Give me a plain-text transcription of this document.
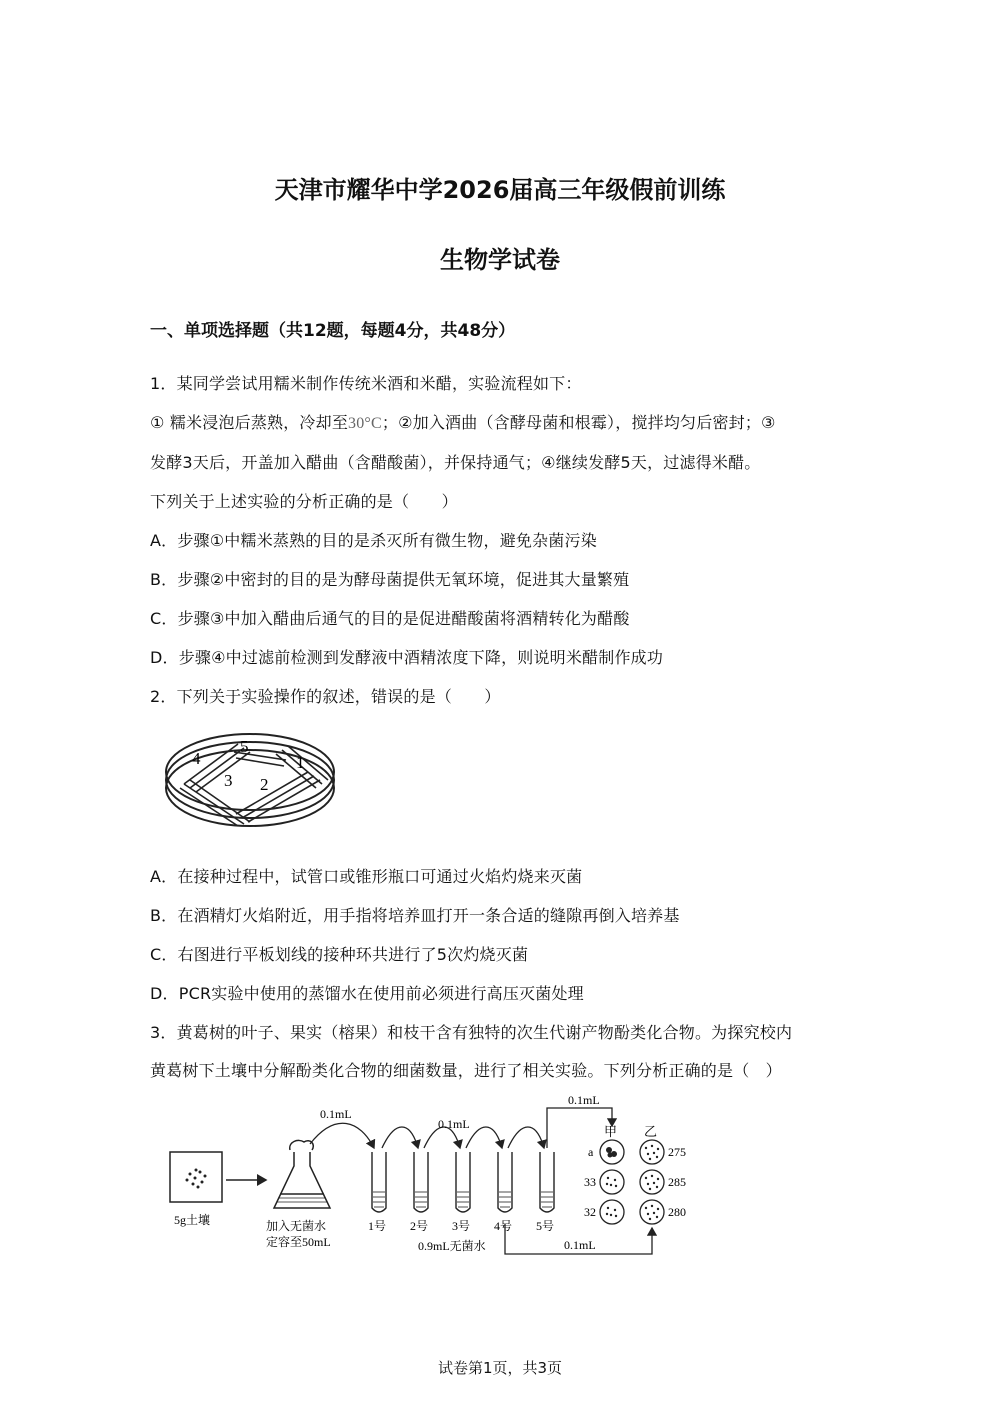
天津市耀华中学2026届高三年级假前训练
生物学试卷
一、单项选择题（共12题，每题4分，共48分）
1．某同学尝试用糯米制作传统米酒和米醋，实验流程如下：
① 糯米浸泡后蒸熟，冷却至30°C；②加入酒曲（含酵母菌和根霉），搅拌均匀后密封；③
发酵3天后，开盖加入醋曲（含醋酸菌），并保持通气；④继续发酵5天，过滤得米醋。
下列关于上述实验的分析正确的是（　　）
A．步骤①中糯米蒸熟的目的是杀灭所有微生物，避免杂菌污染
B．步骤②中密封的目的是为酵母菌提供无氧环境，促进其大量繁殖
C．步骤③中加入醋曲后通气的目的是促进醋酸菌将酒精转化为醋酸
D．步骤④中过滤前检测到发酵液中酒精浓度下降，则说明米醋制作成功
2．下列关于实验操作的叙述，错误的是（　　）
4
5
1
3 2
A．在接种过程中，试管口或锥形瓶口可通过火焰灼烧来灭菌
B．在酒精灯火焰附近，用手指将培养皿打开一条合适的缝隙再倒入培养基
C．右图进行平板划线的接种环共进行了5次灼烧灭菌
D．PCR实验中使用的蒸馏水在使用前必须进行高压灭菌处理
3．黄葛树的叶子、果实（榕果）和枝干含有独特的次生代谢产物酚类化合物。为探究校内
黄葛树下土壤中分解酚类化合物的细菌数量，进行了相关实验。下列分析正确的是（　）
5g土壤	加入无菌水
定容至50mL
0.1mL
0.1mL
1号 2号 3号 4号 5号
0.9mL无菌水
0.1mL
0.1mL
甲 乙
a
33
32
275
285
280
试卷第1页，共3页
